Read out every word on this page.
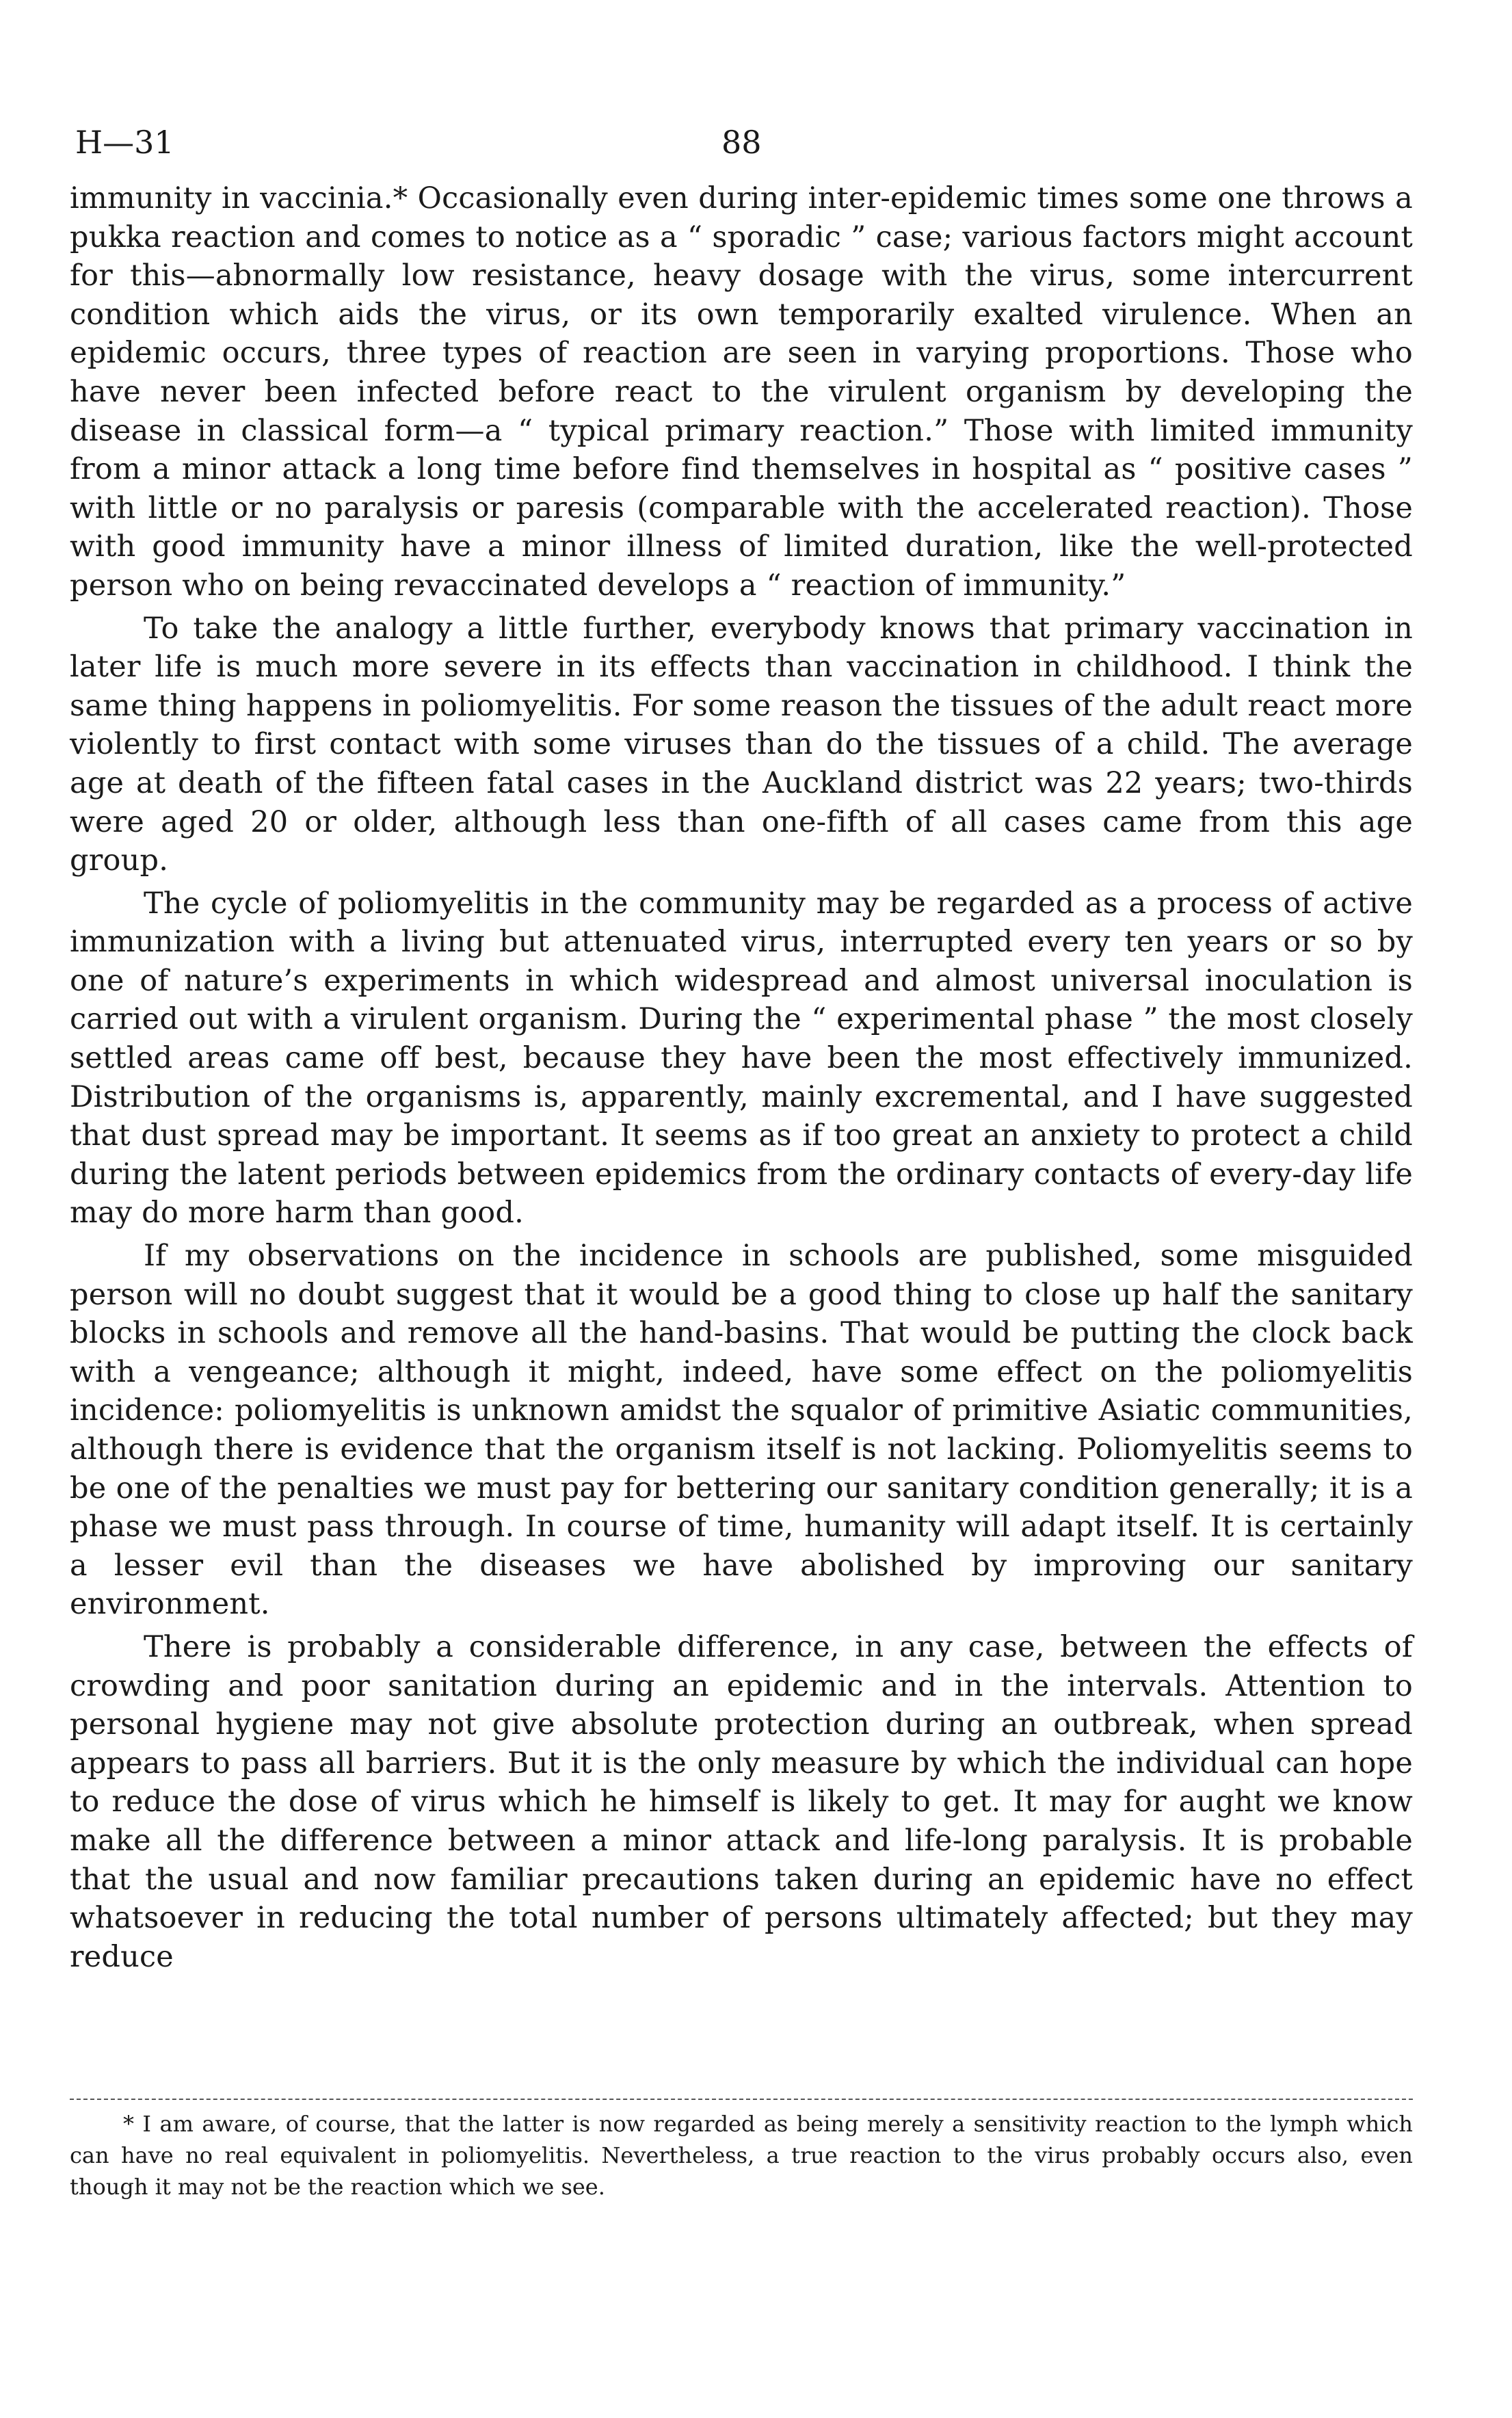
H—31	88

immunity in vaccinia.* Occasionally even during inter-epidemic times some one throws a pukka reaction and comes to notice as a “ sporadic ” case; various factors might account for this—abnormally low resistance, heavy dosage with the virus, some intercurrent condition which aids the virus, or its own temporarily exalted virulence. When an epidemic occurs, three types of reaction are seen in varying proportions. Those who have never been infected before react to the virulent organism by developing the disease in classical form—a “ typical primary reaction.” Those with limited immunity from a minor attack a long time before find themselves in hospital as “ positive cases ” with little or no paralysis or paresis (comparable with the accelerated reaction). Those with good immunity have a minor illness of limited duration, like the well-protected person who on being revaccinated develops a “ reaction of immunity.”

To take the analogy a little further, everybody knows that primary vaccination in later life is much more severe in its effects than vaccination in childhood. I think the same thing happens in poliomyelitis. For some reason the tissues of the adult react more violently to first contact with some viruses than do the tissues of a child. The average age at death of the fifteen fatal cases in the Auckland district was 22 years; two-thirds were aged 20 or older, although less than one-fifth of all cases came from this age group.

The cycle of poliomyelitis in the community may be regarded as a process of active immunization with a living but attenuated virus, interrupted every ten years or so by one of nature’s experiments in which widespread and almost universal inoculation is carried out with a virulent organism. During the “ experimental phase ” the most closely settled areas came off best, because they have been the most effectively immunized. Distribution of the organisms is, apparently, mainly excremental, and I have suggested that dust spread may be important. It seems as if too great an anxiety to protect a child during the latent periods between epidemics from the ordinary contacts of every-day life may do more harm than good.

If my observations on the incidence in schools are published, some misguided person will no doubt suggest that it would be a good thing to close up half the sanitary blocks in schools and remove all the hand-basins. That would be putting the clock back with a vengeance; although it might, indeed, have some effect on the poliomyelitis incidence: poliomyelitis is unknown amidst the squalor of primitive Asiatic communities, although there is evidence that the organism itself is not lacking. Poliomyelitis seems to be one of the penalties we must pay for bettering our sanitary condition generally; it is a phase we must pass through. In course of time, humanity will adapt itself. It is certainly a lesser evil than the diseases we have abolished by improving our sanitary environment.

There is probably a considerable difference, in any case, between the effects of crowding and poor sanitation during an epidemic and in the intervals. Attention to personal hygiene may not give absolute protection during an outbreak, when spread appears to pass all barriers. But it is the only measure by which the individual can hope to reduce the dose of virus which he himself is likely to get. It may for aught we know make all the difference between a minor attack and life-long paralysis. It is probable that the usual and now familiar precautions taken during an epidemic have no effect whatsoever in reducing the total number of persons ultimately affected; but they may reduce

* I am aware, of course, that the latter is now regarded as being merely a sensitivity reaction to the lymph which can have no real equivalent in poliomyelitis. Nevertheless, a true reaction to the virus probably occurs also, even though it may not be the reaction which we see.
